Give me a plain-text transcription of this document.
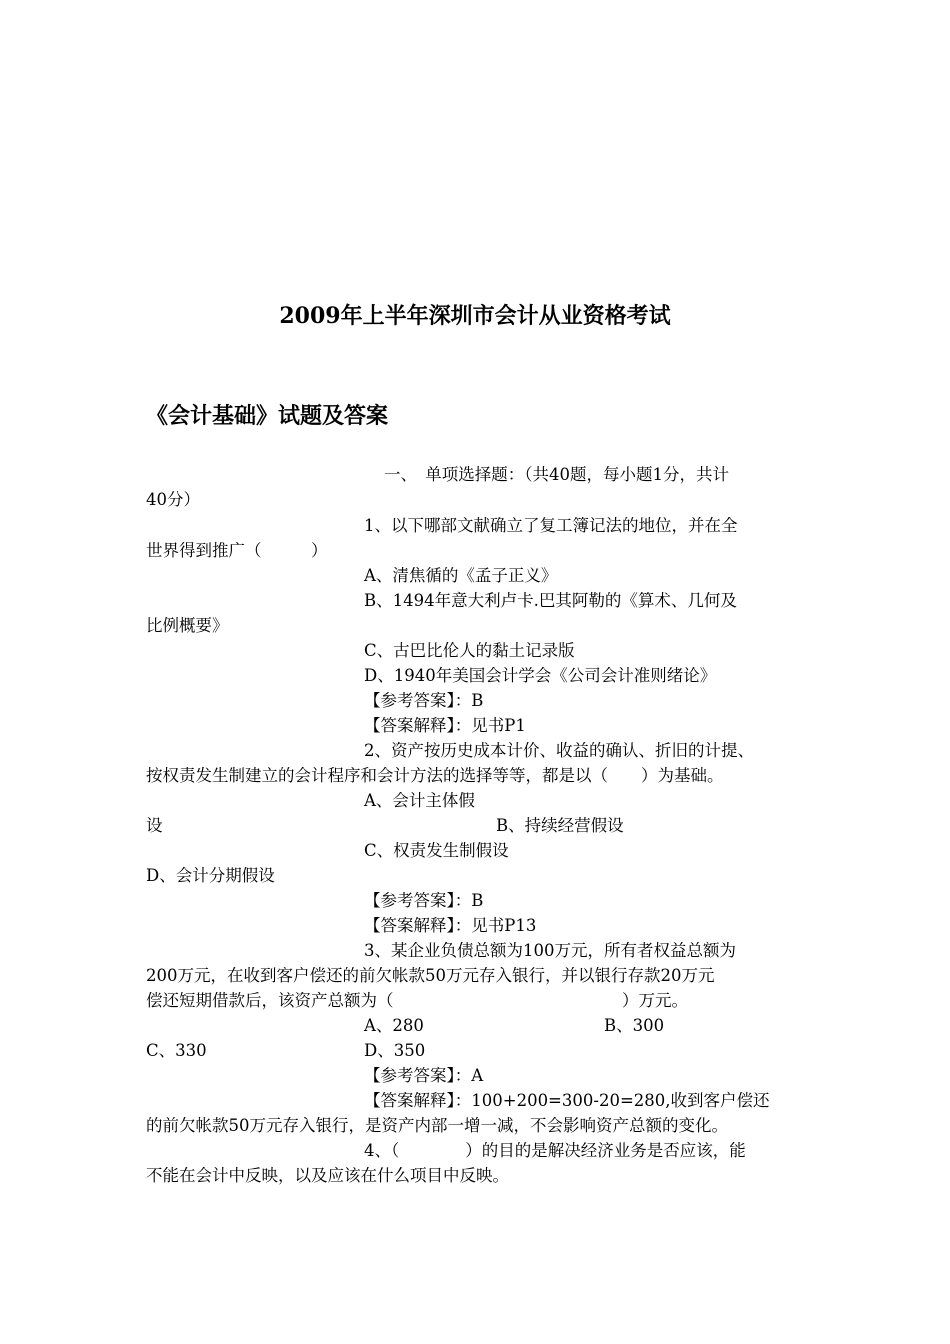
2009年上半年深圳市会计从业资格考试
《会计基础》试题及答案
一、　单项选择题：（共40题，每小题1分，共计
40分）
1、以下哪部文献确立了复工簿记法的地位，并在全
世界得到推广（　　　）
A、清焦循的《孟子正义》
B、1494年意大利卢卡.巴其阿勒的《算术、几何及
比例概要》
C、古巴比伦人的黏土记录版
D、1940年美国会计学会《公司会计准则绪论》
【参考答案】：B
【答案解释】：见书P1
2、资产按历史成本计价、收益的确认、折旧的计提、
按权责发生制建立的会计程序和会计方法的选择等等，都是以（　　）为基础。
A、会计主体假
设	B、持续经营假设
C、权责发生制假设
D、会计分期假设
【参考答案】：B
【答案解释】：见书P13
3、某企业负债总额为100万元，所有者权益总额为
200万元，在收到客户偿还的前欠帐款50万元存入银行，并以银行存款20万元
偿还短期借款后，该资产总额为（	）万元。
A、280	B、300
C、330	D、350
【参考答案】：A
【答案解释】：100+200=300-20=280,收到客户偿还
的前欠帐款50万元存入银行，是资产内部一增一减，不会影响资产总额的变化。
4、（　　　　）的目的是解决经济业务是否应该，能
不能在会计中反映，以及应该在什么项目中反映。
